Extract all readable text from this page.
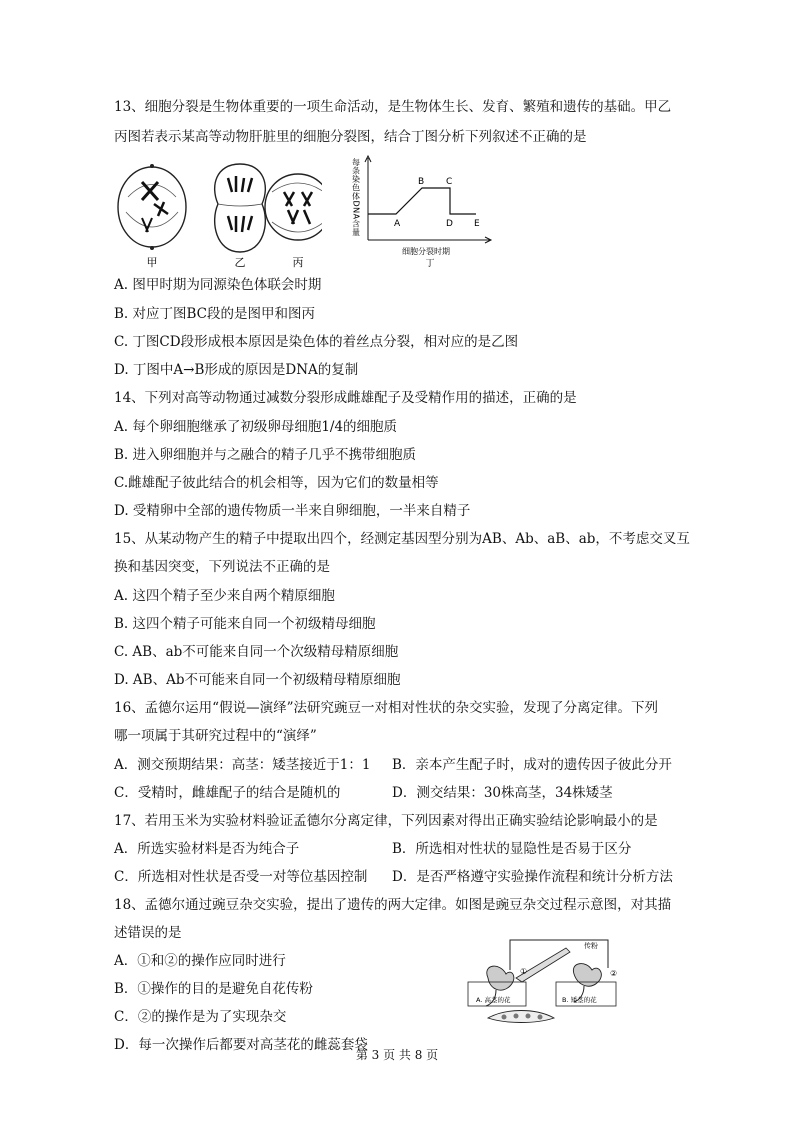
13、细胞分裂是生物体重要的一项生命活动，是生物体生长、发育、繁殖和遗传的基础。甲乙
丙图若表示某高等动物肝脏里的细胞分裂图，结合丁图分析下列叙述不正确的是
甲	乙	丙
每条染色体DNA含量	A
B C
D E
细胞分裂时期
丁
A. 图甲时期为同源染色体联会时期
B. 对应丁图BC段的是图甲和图丙
C. 丁图CD段形成根本原因是染色体的着丝点分裂，相对应的是乙图
D. 丁图中A→B形成的原因是DNA的复制
14、下列对高等动物通过减数分裂形成雌雄配子及受精作用的描述，正确的是
A. 每个卵细胞继承了初级卵母细胞1/4的细胞质
B. 进入卵细胞并与之融合的精子几乎不携带细胞质
C.雌雄配子彼此结合的机会相等，因为它们的数量相等
D. 受精卵中全部的遗传物质一半来自卵细胞，一半来自精子
15、从某动物产生的精子中提取出四个，经测定基因型分别为AB、Ab、aB、ab，不考虑交叉互
换和基因突变，下列说法不正确的是
A. 这四个精子至少来自两个精原细胞
B. 这四个精子可能来自同一个初级精母细胞
C. AB、ab不可能来自同一个次级精母精原细胞
D. AB、Ab不可能来自同一个初级精母精原细胞
16、孟德尔运用“假说—演绎”法研究豌豆一对相对性状的杂交实验，发现了分离定律。下列
哪一项属于其研究过程中的“演绎”
A．测交预期结果：高茎：矮茎接近于1：1 B．亲本产生配子时，成对的遗传因子彼此分开
C．受精时，雌雄配子的结合是随机的	D．测交结果：30株高茎，34株矮茎
17、若用玉米为实验材料验证孟德尔分离定律，下列因素对得出正确实验结论影响最小的是
A．所选实验材料是否为纯合子	B．所选相对性状的显隐性是否易于区分
C．所选相对性状是否受一对等位基因控制 D．是否严格遵守实验操作流程和统计分析方法
18、孟德尔通过豌豆杂交实验，提出了遗传的两大定律。如图是豌豆杂交过程示意图，对其描
述错误的是
A．①和②的操作应同时进行
B．①操作的目的是避免自花传粉
C．②的操作是为了实现杂交
D．每一次操作后都要对高茎花的雌蕊套袋
传粉
①	②
A. 高茎的花	B. 矮茎的花
第 3 页 共 8 页
